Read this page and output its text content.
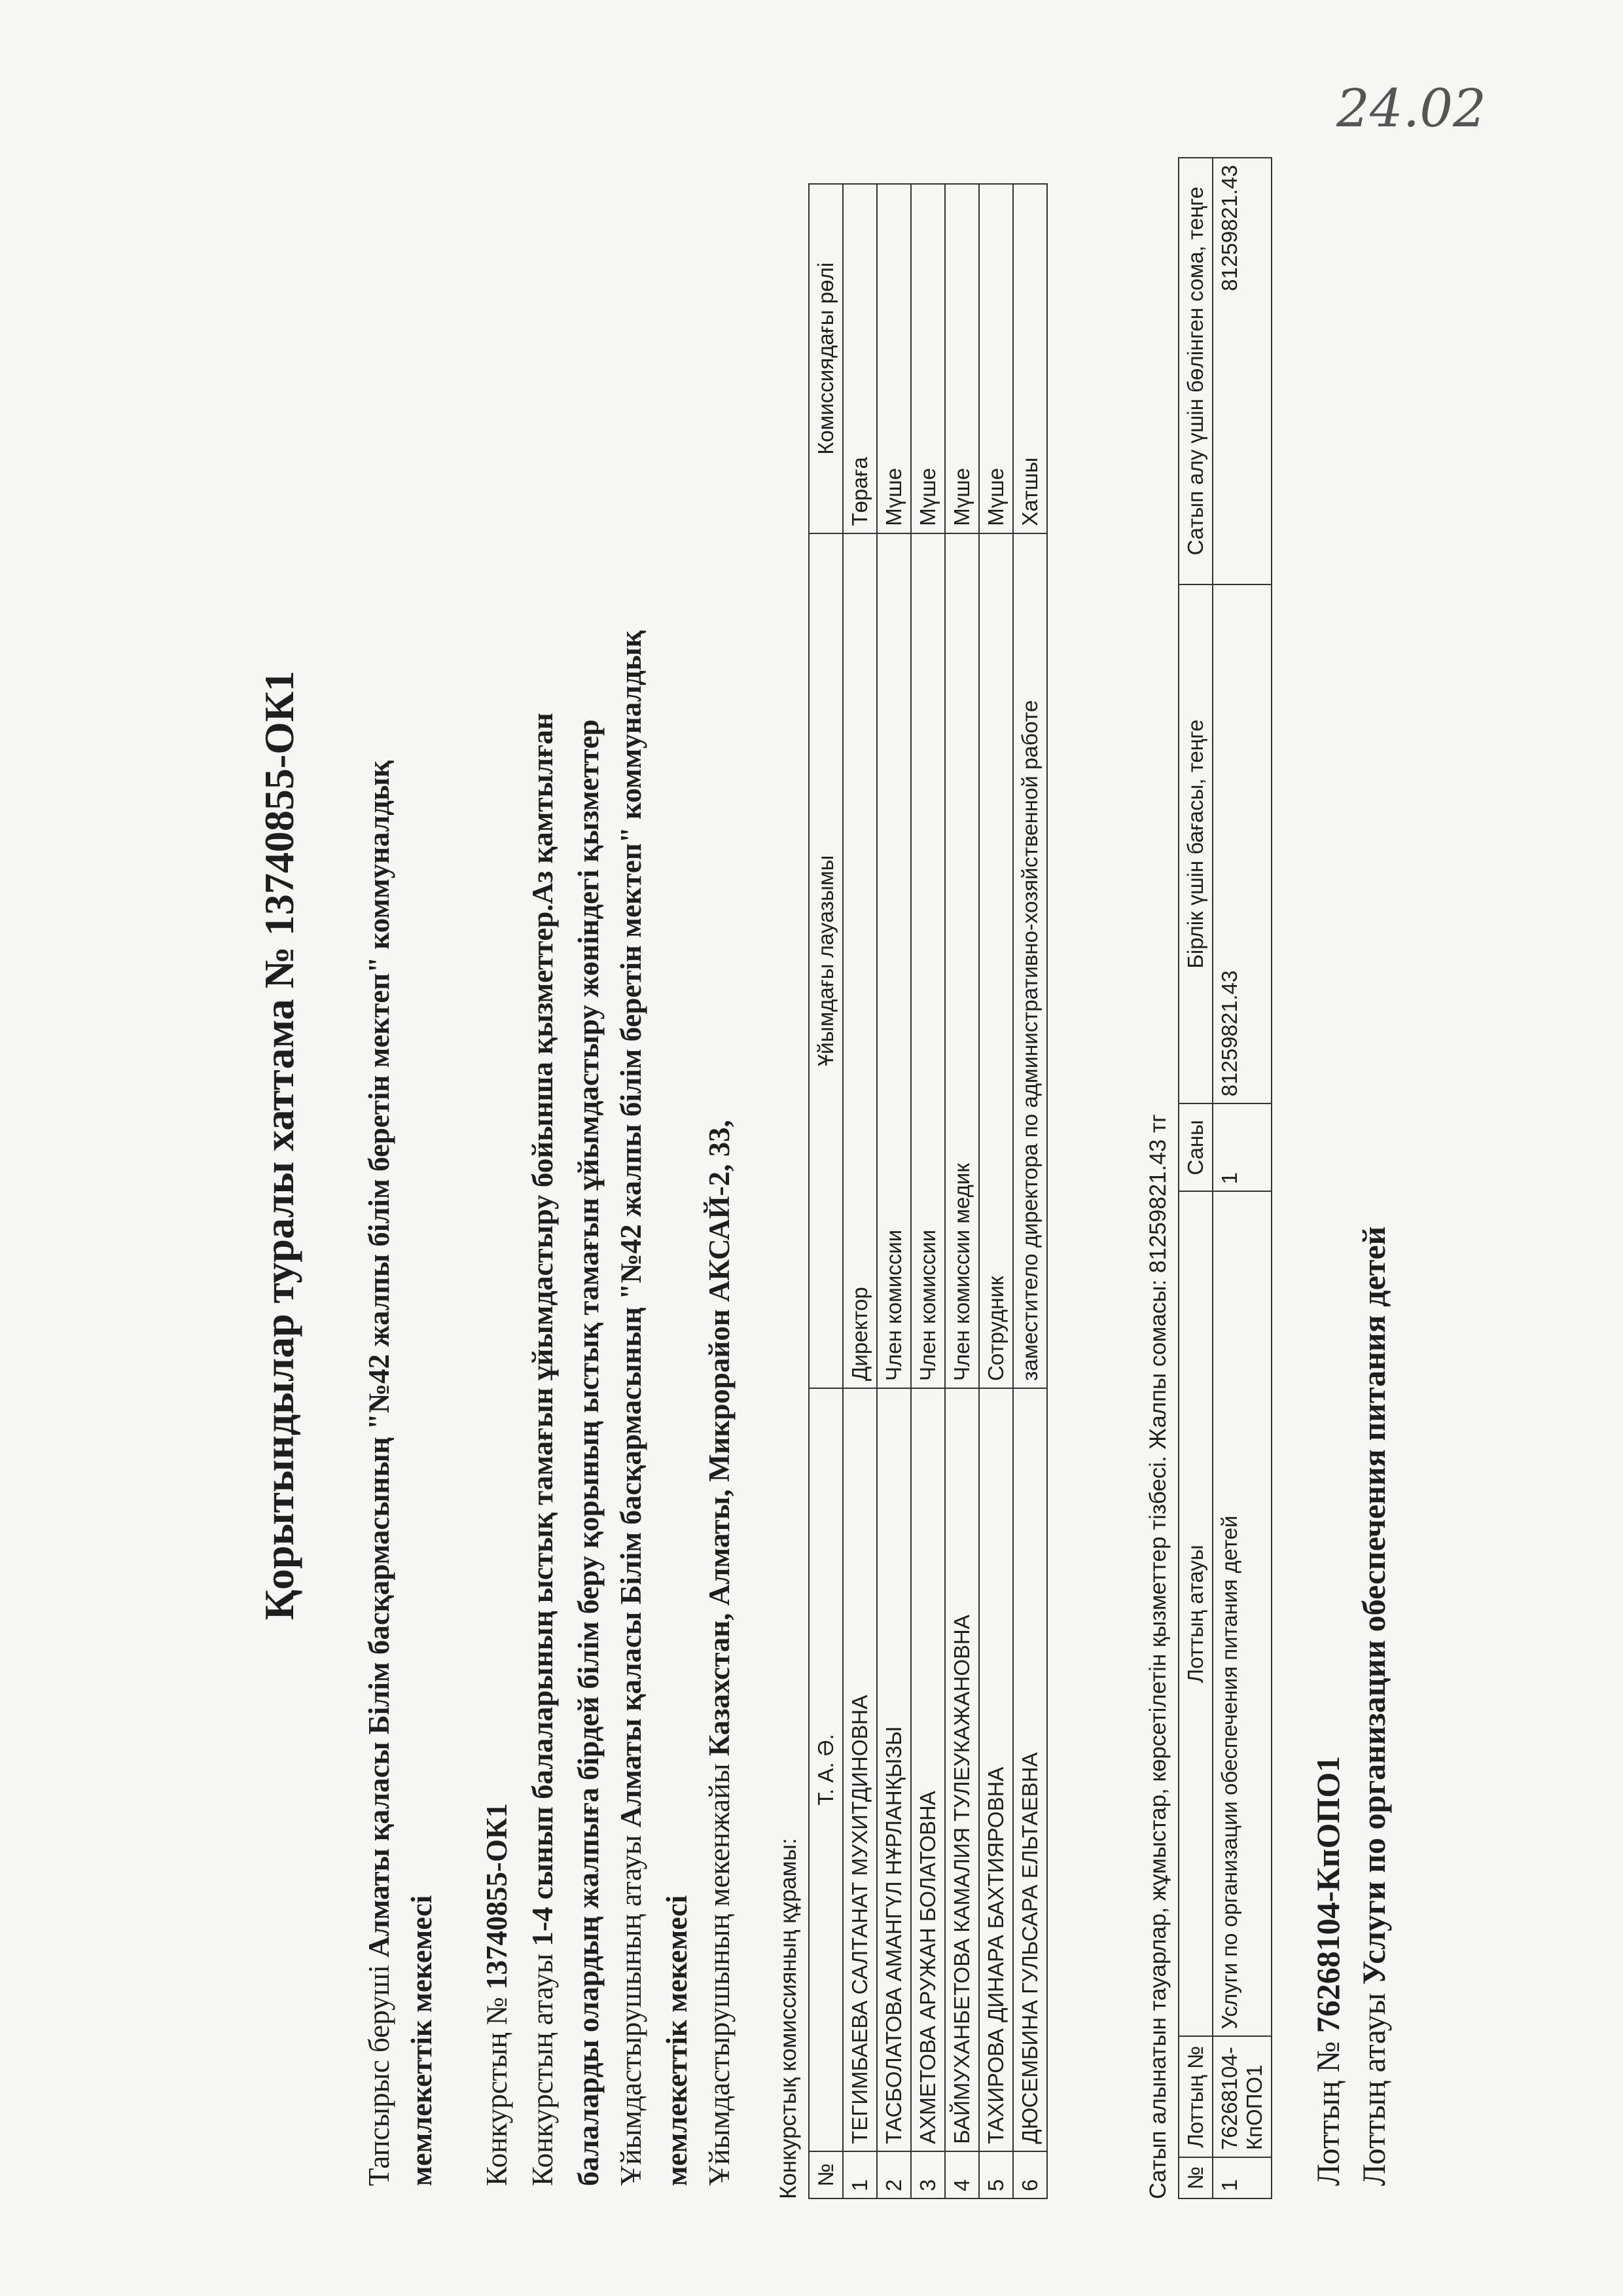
24.02
Қорытындылар туралы хаттама № 13740855-ОК1
Тапсырыс беруші Алматы қаласы Білім басқармасының "№42 жалпы білім беретін мектеп" коммуналдық
мемлекеттік мекемесі Конкурстың № 13740855-ОК1
Конкурстың атауы 1-4 сынып балаларының ыстық тамағын ұйымдастыру бойынша қызметтер.Аз қамтылған балаларды олардың жалпыға бірдей білім беру қорының ыстық тамағын ұйымдастыру жөніндегі қызметтер Ұйымдастырушының атауы Алматы қаласы Білім басқармасының "№42 жалпы білім беретін мектеп" коммуналдық
мемлекеттік мекемесі Ұйымдастырушының мекенжайы Казахстан, Алматы, Микрорайон АКСАЙ-2, 33,
Конкурстық комиссияның құрамы: №	Т. А. Ә.	Ұйымдағы лауазымы	Комиссиядағы рөлі
1	ТЕГИМБАЕВА САЛТАНАТ МУХИТДИНОВНА	Директор	Төраға
2	ТАСБОЛАТОВА АМАНГҮЛ НҰРЛАНҚЫЗЫ	Член комиссии	Мүше
3	АХМЕТОВА АРУЖАН БОЛАТОВНА	Член комиссии	Мүше
4	БАЙМУХАНБЕТОВА КАМАЛИЯ ТУЛЕУКАЖАНОВНА	Член комиссии медик	Мүше
5	ТАХИРОВА ДИНАРА БАХТИЯРОВНА	Сотрудник	Мүше
6	ДЮСЕМБИНА ГУЛЬСАРА ЕЛЬТАЕВНА	заместитело директора по административно-хозяйственной работе	Хатшы
Сатып алынатын тауарлар, жұмыстар, көрсетілетін қызметтер тізбесі. Жалпы сомасы: 81259821.43 тг №	Лоттың №	Лоттың атауы	Саны	Бірлік үшін бағасы, теңге	Сатып алу үшін бөлінген сома, теңге
1	76268104-КпОПО1	Услуги по организации обеспечения питания детей	1	81259821.43	81259821.43
Лоттың № 76268104-КпОПО1
Лоттың атауы Услуги по организации обеспечения питания детей
